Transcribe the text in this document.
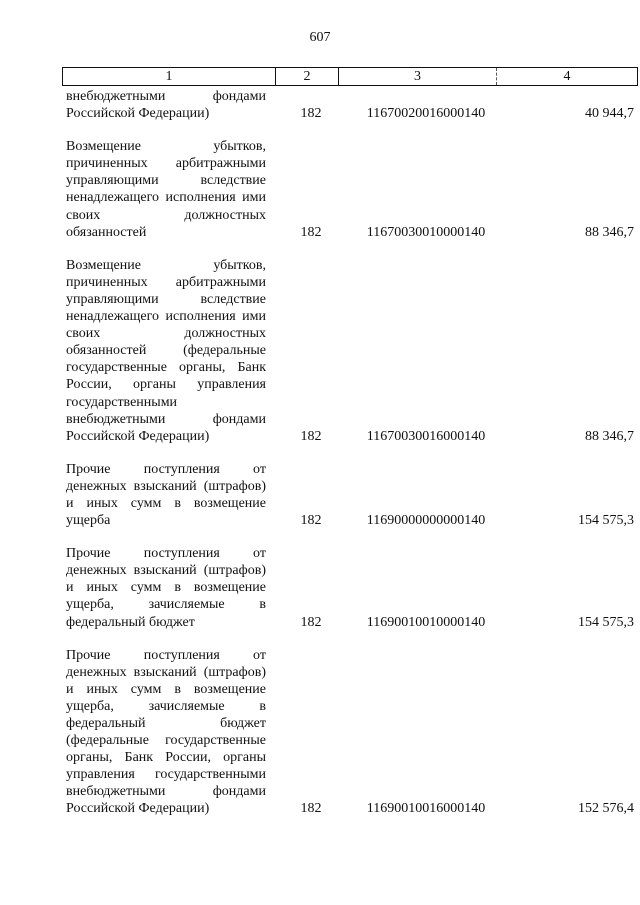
607
1	2	3	4
внебюджетными фондами Российской Федерации)	182	11670020016000140	40 944,7
Возмещение убытков, причиненных арбитражными управляющими вследствие ненадлежащего исполнения ими своих должностных обязанностей	182	11670030010000140	88 346,7
Возмещение убытков, причиненных арбитражными управляющими вследствие ненадлежащего исполнения ими своих должностных обязанностей (федеральные государственные органы, Банк России, органы управления государственными внебюджетными фондами Российской Федерации)	182	11670030016000140	88 346,7
Прочие поступления от денежных взысканий (штрафов) и иных сумм в возмещение ущерба	182	11690000000000140	154 575,3
Прочие поступления от денежных взысканий (штрафов) и иных сумм в возмещение ущерба, зачисляемые в федеральный бюджет	182	11690010010000140	154 575,3
Прочие поступления от денежных взысканий (штрафов) и иных сумм в возмещение ущерба, зачисляемые в федеральный бюджет (федеральные государственные органы, Банк России, органы управления государственными внебюджетными фондами Российской Федерации)	182	11690010016000140	152 576,4
